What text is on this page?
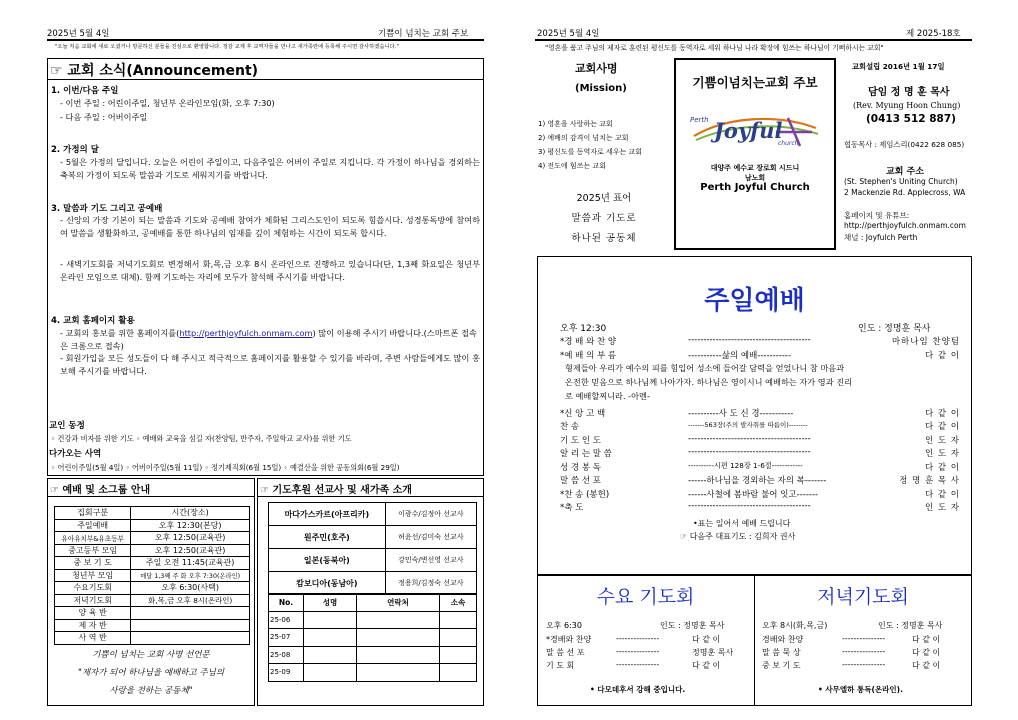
2025년 5월 4일	기쁨이 넘치는 교회 주보	2025년 5월 4일	제 2025-18호
"오늘 처음 교회에 새로 오셨거나 방문하신 분들을 진심으로 환영합니다. 정감 교제 후 교역자들을 만나고 새가족란에 등록해 주시면 감사하겠습니다."	"영혼을 품고 주님의 제자로 훈련된 평신도를 동역자로 세워 하나님 나라 확장에 힘쓰는 하나님이 기뻐하시는 교회"
☞ 교회 소식(Announcement)
1. 이번/다음 주일
- 이번 주일 : 어린이주일, 청년부 온라인모임(화, 오후 7:30)
- 다음 주일 : 어버이주일
2. 가정의 달
- 5월은 가정의 달입니다. 오늘은 어린이 주일이고, 다음주일은 어버이 주일로 지킵니다. 각 가정이 하나님을 경외하는 축복의 가정이 되도록 말씀과 기도로 세워지기를 바랍니다.
3. 말씀과 기도 그리고 공예배
- 신앙의 가장 기본이 되는 말씀과 기도와 공예배 참여가 체화된 그리스도인이 되도록 힘씁시다. 성경통독방에 참여하여 말씀을 생활화하고, 공예배를 통한 하나님의 임재를 깊이 체험하는 시간이 되도록 합시다.
- 새벽기도회를 저녁기도회로 변경해서 화,목,금 오후 8시 온라인으로 진행하고 있습니다(단, 1,3째 화요일은 청년부 온라인 모임으로 대체). 함께 기도하는 자리에 모두가 참석해 주시기를 바랍니다.
4. 교회 홈페이지 활용
- 교회의 홍보를 위한 홈페이지를(http://perthjoyfulch.onmam.com) 많이 이용해 주시기 바랍니다.(스마트폰 접속은 크롬으로 접속)
- 회원가입을 모든 성도들이 다 해 주시고 적극적으로 홈페이지를 활용할 수 있기를 바라며, 주변 사람들에게도 많이 홍보해 주시기를 바랍니다.
교인 동정
◦ 건강과 비자를 위한 기도 ◦ 예배와 교육을 섬길 자(찬양팀, 반주자, 주일학교 교사)를 위한 기도
다가오는 사역
◦ 어린이주일(5월 4일) ◦ 어버이주일(5월 11일) ◦ 정기제직회(6월 15일) ◦ 예결산을 위한 공동의회(6월 29일)
☞ 예배 및 소그룹 안내
집회구분	시간(장소)
주일예배	오후 12:30(본당)
유아유치부&유초등부	오후 12:50(교육관)
중고등부 모임	오후 12:50(교육관)
중 보 기 도	주일 오전 11:45(교육관)
청년부 모임	매달 1,3째 주 화 오후 7:30(온라인)
수요기도회	오후 6:30(사택)
저녁기도회	화,목,금 오후 8시(온라인)
양 육 반	
제 자 반	
사 역 반	
기쁨이 넘치는 교회 사명 선언문
"제자가 되어 하나님을 예배하고 주님의
사랑을 전하는 공동체"
☞ 기도후원 선교사 및 새가족 소개
마다가스카르(아프리카)	이광수/김정아 선교사
원주민(호주)	허윤선/김미숙 선교사
일본(동북아)	강민숙/변선영 선교사
캄보디아(동남아)	정용희/김정숙 선교사
No.	성명	연락처	소속
25-06			
25-07			
25-08			
25-09			
교회사명
(Mission)
1) 영혼을 사랑하는 교회
2) 예배의 감격이 넘치는 교회
3) 평신도를 동역자로 세우는 교회
4) 전도에 힘쓰는 교회
2025년 표어
말씀과 기도로
하나된 공동체
기쁨이넘치는교회 주보
Perth Joyful
church
대양주 예수교 장로회 시드니
남노회
Perth Joyful Church
교회설립 2016년 1월 17일
담임 정 명 훈 목사
(Rev. Myung Hoon Chung)
(0413 512 887)
협동목사 : 제임스리(0422 628 085)
교회 주소
(St. Stephen's Uniting Church)
2 Mackenzie Rd. Applecross, WA
홈페이지 및 유튜브:
http://perthjoyfulch.onmam.com
채널 : Joyfulch Perth
주일예배
오후 12:30	인도 : 정명훈 목사
*경 배 와 찬 양	----------------------------------------	마하나임 찬양팀
*예 배 의 부 름	-----------삶의 예배-----------	다 같 이
형제들아 우리가 예수의 피를 힘입어 성소에 들어갈 담력을 얻었나니 참 마음과
온전한 믿음으로 하나님께 나아가자. 하나님은 영이시니 예배하는 자가 영과 진리
로 예배할찌니라. -아멘-
*신 앙 고 백	----------사 도 신 경-----------	다 같 이
찬 송	-------563장(주의 발자취를 따름이)--------	다 같 이
기 도 인 도	----------------------------------------	인 도 자
알 리 는 말 씀	----------------------------------------	인 도 자
성 경 봉 독	----------시편 128장 1-6절------------	다 같 이
말 씀 선 포	------하나님을 경외하는 자의 복-------	정 명 훈 목 사
*찬 송 (봉헌)	------사철에 봄바람 불어 잇고-------	다 같 이
*축 도	----------------------------------------	인 도 자
•표는 일어서 예배 드립니다
☞ 다음주 대표기도 : 김희자 권사
수요 기도회
오후 6:30	인도 : 정명훈 목사
*경배와 찬양	---------------	다 같 이
말 씀 선 포	---------------	정명훈 목사
기 도 회	---------------	다 같 이
• 다모데후서 강해 중입니다.
저녁기도회
오후 8시(화,목,금)	인도 : 정명훈 목사
경배와 찬양	---------------	다 같 이
말 씀 묵 상	---------------	다 같 이
중 보 기 도	---------------	다 같 이
• 사무엘하 통독(온라인).
